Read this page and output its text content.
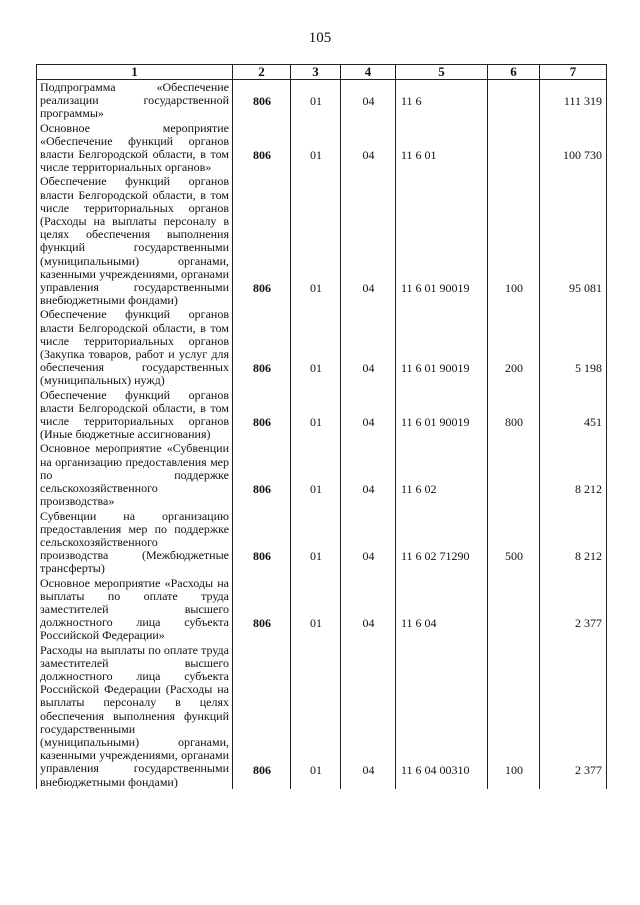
105
1	2	3	4	5	6	7
Подпрограмма «Обеспечение реализации государственной программы»	806	01	04	11 6		111 319
Основное мероприятие «Обеспечение функций органов власти Белгородской области, в том числе территориальных органов»	806	01	04	11 6 01		100 730
Обеспечение функций органов власти Белгородской области, в том числе территориальных органов (Расходы на выплаты персоналу в целях обеспечения выполнения функций государственными (муниципальными) органами, казенными учреждениями, органами управления государственными внебюджетными фондами)	806	01	04	11 6 01 90019	100	95 081
Обеспечение функций органов власти Белгородской области, в том числе территориальных органов (Закупка товаров, работ и услуг для обеспечения государственных (муниципальных) нужд)	806	01	04	11 6 01 90019	200	5 198
Обеспечение функций органов власти Белгородской области, в том числе территориальных органов (Иные бюджетные ассигнования)	806	01	04	11 6 01 90019	800	451
Основное мероприятие «Субвенции на организацию предоставления мер по поддержке сельскохозяйственного производства»	806	01	04	11 6 02		8 212
Субвенции на организацию предоставления мер по поддержке сельскохозяйственного производства (Межбюджетные трансферты)	806	01	04	11 6 02 71290	500	8 212
Основное мероприятие «Расходы на выплаты по оплате труда заместителей высшего должностного лица субъекта Российской Федерации»	806	01	04	11 6 04		2 377
Расходы на выплаты по оплате труда заместителей высшего должностного лица субъекта Российской Федерации (Расходы на выплаты персоналу в целях обеспечения выполнения функций государственными (муниципальными) органами, казенными учреждениями, органами управления государственными внебюджетными фондами)	806	01	04	11 6 04 00310	100	2 377
